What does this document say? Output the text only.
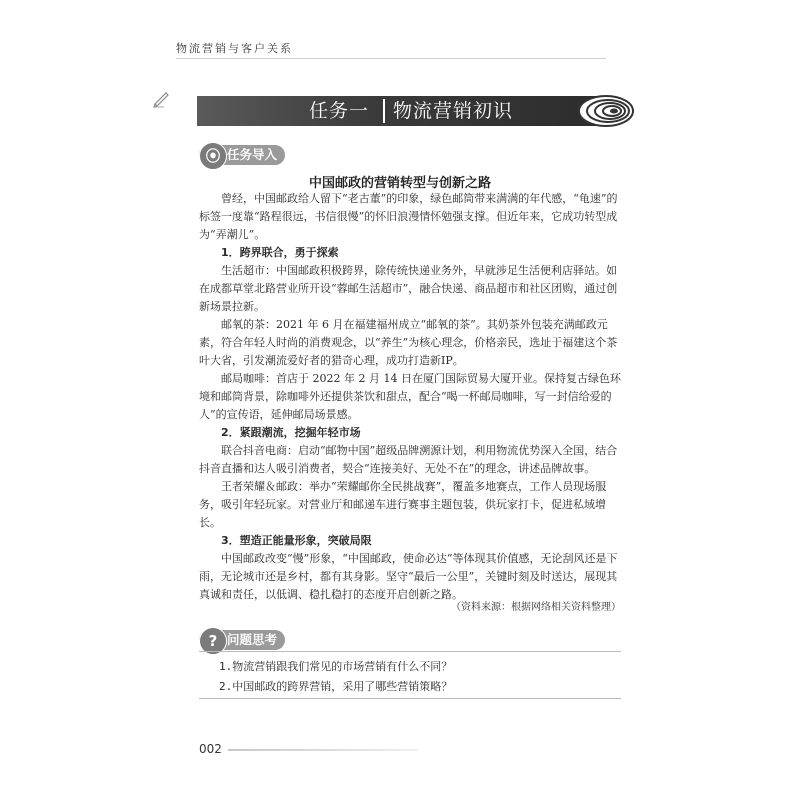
物流营销与客户关系
任务一 物流营销初识
⦿ 任务导入
中国邮政的营销转型与创新之路

曾经，中国邮政给人留下“老古董”的印象，绿色邮筒带来满满的年代感，“龟速”的标签一度靠“路程很远，书信很慢”的怀旧浪漫情怀勉强支撑。但近年来，它成功转型成为“弄潮儿”。

1．跨界联合，勇于探索

生活超市：中国邮政积极跨界，除传统快递业务外，早就涉足生活便利店驿站。如在成都草堂北路营业所开设“蓉邮生活超市”，融合快递、商品超市和社区团购，通过创新场景拉新。

邮氧的茶：2021 年 6 月在福建福州成立“邮氧的茶”。其奶茶外包装充满邮政元素，符合年轻人时尚的消费观念，以“养生”为核心理念，价格亲民，选址于福建这个茶叶大省，引发潮流爱好者的猎奇心理，成功打造新IP。

邮局咖啡：首店于 2022 年 2 月 14 日在厦门国际贸易大厦开业。保持复古绿色环境和邮筒背景，除咖啡外还提供茶饮和甜点，配合“喝一杯邮局咖啡，写一封信给爱的人”的宣传语，延伸邮局场景感。

2．紧跟潮流，挖掘年轻市场

联合抖音电商：启动“邮物中国”超级品牌溯源计划，利用物流优势深入全国，结合抖音直播和达人吸引消费者，契合“连接美好、无处不在”的理念，讲述品牌故事。

王者荣耀＆邮政：举办“荣耀邮你全民挑战赛”，覆盖多地赛点，工作人员现场服务，吸引年轻玩家。对营业厅和邮递车进行赛事主题包装，供玩家打卡，促进私域增长。

3．塑造正能量形象，突破局限

中国邮政改变“慢”形象，“中国邮政，使命必达”等体现其价值感，无论刮风还是下雨，无论城市还是乡村，都有其身影。坚守“最后一公里”，关键时刻及时送达，展现其真诚和责任，以低调、稳扎稳打的态度开启创新之路。

（资料来源：根据网络相关资料整理）
? 问题思考
1.物流营销跟我们常见的市场营销有什么不同？
2.中国邮政的跨界营销，采用了哪些营销策略？
002
